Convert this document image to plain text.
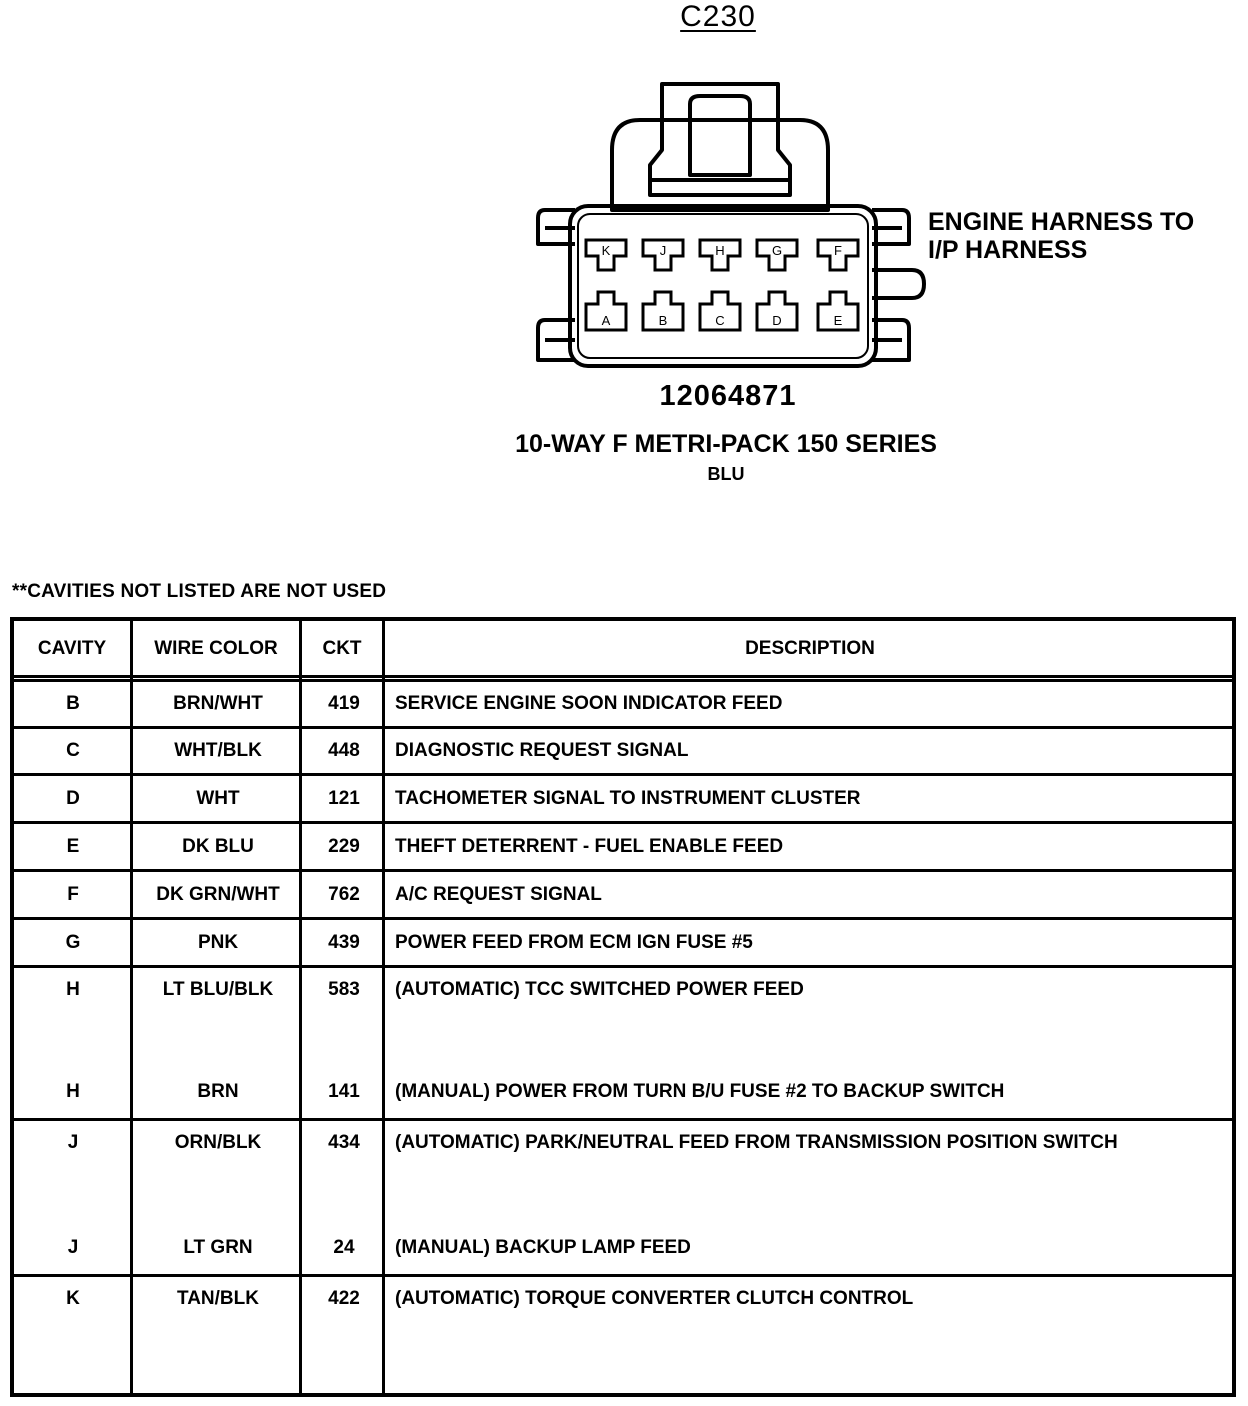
C230
K	J	H	G	F
A	B	C	D	E
ENGINE HARNESS TO
I/P HARNESS
12064871
10-WAY F METRI-PACK 150 SERIES
BLU
**CAVITIES NOT LISTED ARE NOT USED
CAVITY	WIRE COLOR	CKT	DESCRIPTION
B	BRN/WHT	419	SERVICE ENGINE SOON INDICATOR FEED
C	WHT/BLK	448	DIAGNOSTIC REQUEST SIGNAL
D	WHT	121	TACHOMETER SIGNAL TO INSTRUMENT CLUSTER
E	DK BLU	229	THEFT DETERRENT - FUEL ENABLE FEED
F	DK GRN/WHT	762	A/C REQUEST SIGNAL
G	PNK	439	POWER FEED FROM ECM IGN FUSE #5
H	LT BLU/BLK	583	(AUTOMATIC) TCC SWITCHED POWER FEED
H	BRN	141	(MANUAL) POWER FROM TURN B/U FUSE #2 TO BACKUP SWITCH
J	ORN/BLK	434	(AUTOMATIC) PARK/NEUTRAL FEED FROM TRANSMISSION POSITION SWITCH
J	LT GRN	24	(MANUAL) BACKUP LAMP FEED
K	TAN/BLK	422	(AUTOMATIC) TORQUE CONVERTER CLUTCH CONTROL
